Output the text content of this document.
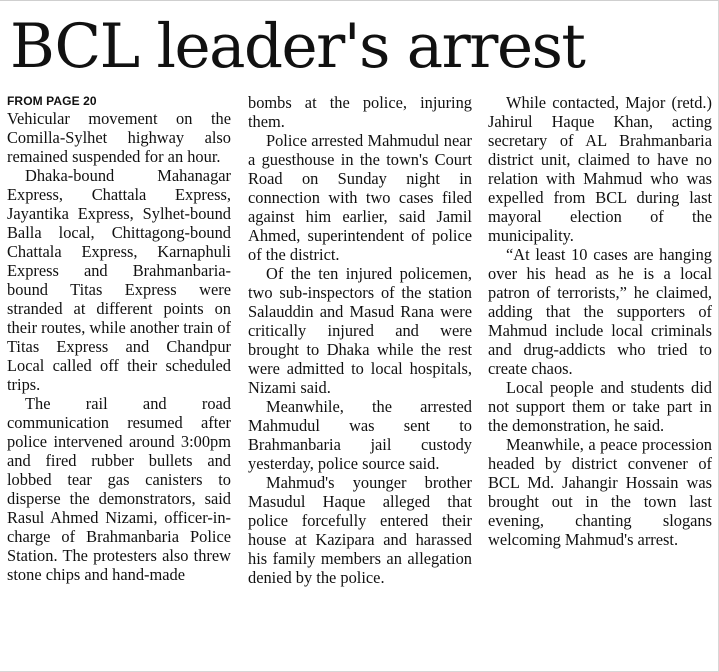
BCL leader's arrest
FROM PAGE 20

Vehicular movement on the Comilla-Sylhet highway also remained suspended for an hour.

Dhaka-bound Mahanagar Express, Chattala Express, Jayantika Express, Sylhet-bound Balla local, Chittagong-bound Chattala Express, Karnaphuli Express and Brahmanbaria- bound Titas Express were stranded at different points on their routes, while another train of Titas Express and Chandpur Local called off their scheduled trips.

The rail and road communication resumed after police intervened around 3:00pm and fired rubber bullets and lobbed tear gas canisters to disperse the demonstrators, said Rasul Ahmed Nizami, officer-in-charge of Brahmanbaria Police Station. The protesters also threw stone chips and hand-made

bombs at the police, injuring them.

Police arrested Mahmudul near a guesthouse in the town's Court Road on Sunday night in connection with two cases filed against him earlier, said Jamil Ahmed, superintendent of police of the district.

Of the ten injured policemen, two sub-inspectors of the station Salauddin and Masud Rana were critically injured and were brought to Dhaka while the rest were admitted to local hospitals, Nizami said.

Meanwhile, the arrested Mahmudul was sent to Brahmanbaria jail custody yesterday, police source said.

Mahmud's younger brother Masudul Haque alleged that police forcefully entered their house at Kazipara and harassed his family members an allegation denied by the police.

While contacted, Major (retd.) Jahirul Haque Khan, acting secretary of AL Brahmanbaria district unit, claimed to have no relation with Mahmud who was expelled from BCL during last mayoral election of the municipality.

“At least 10 cases are hanging over his head as he is a local patron of terrorists,” he claimed, adding that the supporters of Mahmud include local criminals and drug-addicts who tried to create chaos.

Local people and students did not support them or take part in the demonstration, he said.

Meanwhile, a peace procession headed by district convener of BCL Md. Jahangir Hossain was brought out in the town last evening, chanting slogans welcoming Mahmud's arrest.
